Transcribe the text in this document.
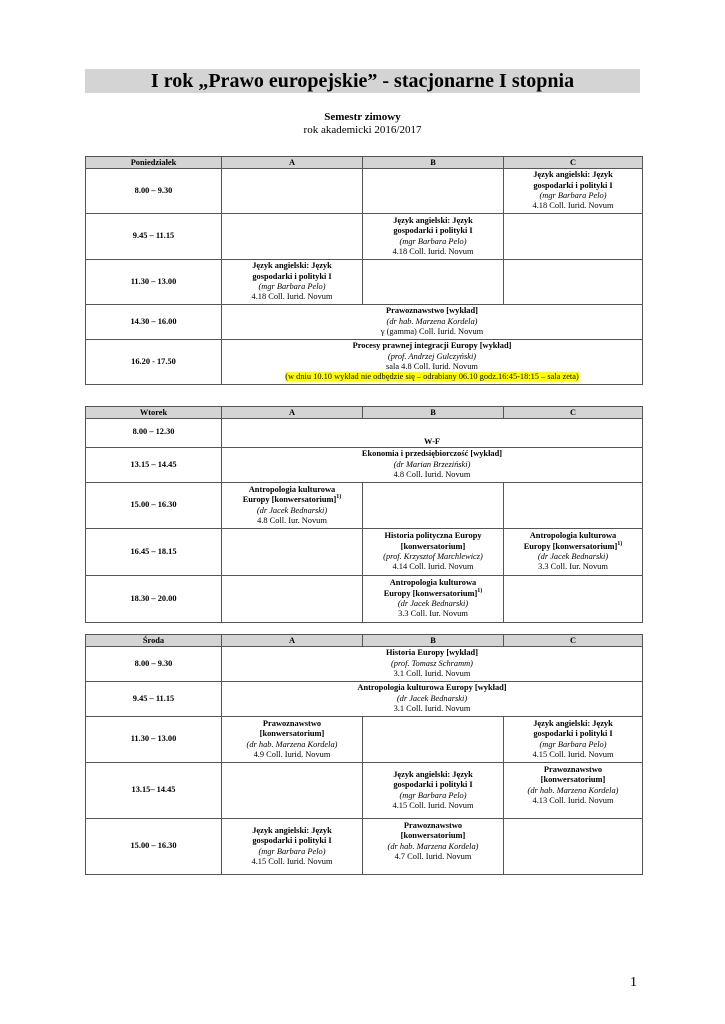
I rok „Prawo europejskie” - stacjonarne I stopnia
Semestr zimowy
rok akademicki 2016/2017
Poniedziałek	A	B	C
8.00 – 9.30			Język angielski: Język
gospodarki i polityki I
(mgr Barbara Pelo)
4.18 Coll. Iurid. Novum

9.45 – 11.15		Język angielski: Język
gospodarki i polityki I
(mgr Barbara Pelo)
4.18 Coll. Iurid. Novum	

11.30 – 13.00	Język angielski: Język
gospodarki i polityki I
(mgr Barbara Pelo)
4.18 Coll. Iurid. Novum		

14.30 – 16.00	Prawoznawstwo [wykład]
(dr hab. Marzena Kordela)
γ (gamma) Coll. Iurid. Novum		

16.20 - 17.50	Procesy prawnej integracji Europy [wykład]
(prof. Andrzej Gulczyński)
sala 4.8 Coll. Iurid. Novum
(w dniu 10.10 wykład nie odbędzie się – odrabiany 06.10 godz.16:45-18:15 – sala zeta)		
Wtorek	A	B	C
8.00 – 12.30	W-F		

13.15 – 14.45	Ekonomia i przedsiębiorczość [wykład]
(dr Marian Brzeziński)
4.8 Coll. Iurid. Novum		

15.00 – 16.30	Antropologia kulturowa
Europy [konwersatorium]$^{1)}$
(dr Jacek Bednarski)
4.8 Coll. Iur. Novum		

16.45 – 18.15		Historia polityczna Europy
[konwersatorium]
(prof. Krzysztof Marchlewicz)
4.14 Coll. Iurid. Novum	Antropologia kulturowa
Europy [konwersatorium]$^{1)}$
(dr Jacek Bednarski)
3.3 Coll. Iur. Novum

18.30 – 20.00		Antropologia kulturowa
Europy [konwersatorium]$^{1)}$
(dr Jacek Bednarski)
3.3 Coll. Iur. Novum	

Środa	A	B	C
8.00 – 9.30	Historia Europy [wykład]
(prof. Tomasz Schramm)
3.1 Coll. Iurid. Novum		

9.45 – 11.15	Antropologia kulturowa Europy [wykład]
(dr Jacek Bednarski)
3.1 Coll. Iurid. Novum		

11.30 – 13.00	Prawoznawstwo
[konwersatorium]
(dr hab. Marzena Kordela)
4.9 Coll. Iurid. Novum		Język angielski: Język
gospodarki i polityki I
(mgr Barbara Pelo)
4.15 Coll. Iurid. Novum

13.15– 14.45		Język angielski: Język
gospodarki i polityki I
(mgr Barbara Pelo)
4.15 Coll. Iurid. Novum	Prawoznawstwo
[konwersatorium]
(dr hab. Marzena Kordela)
4.13 Coll. Iurid. Novum

15.00 – 16.30	Język angielski: Język
gospodarki i polityki I
(mgr Barbara Pelo)
4.15 Coll. Iurid. Novum	Prawoznawstwo
[konwersatorium]
(dr hab. Marzena Kordela)
4.7 Coll. Iurid. Novum	

1
